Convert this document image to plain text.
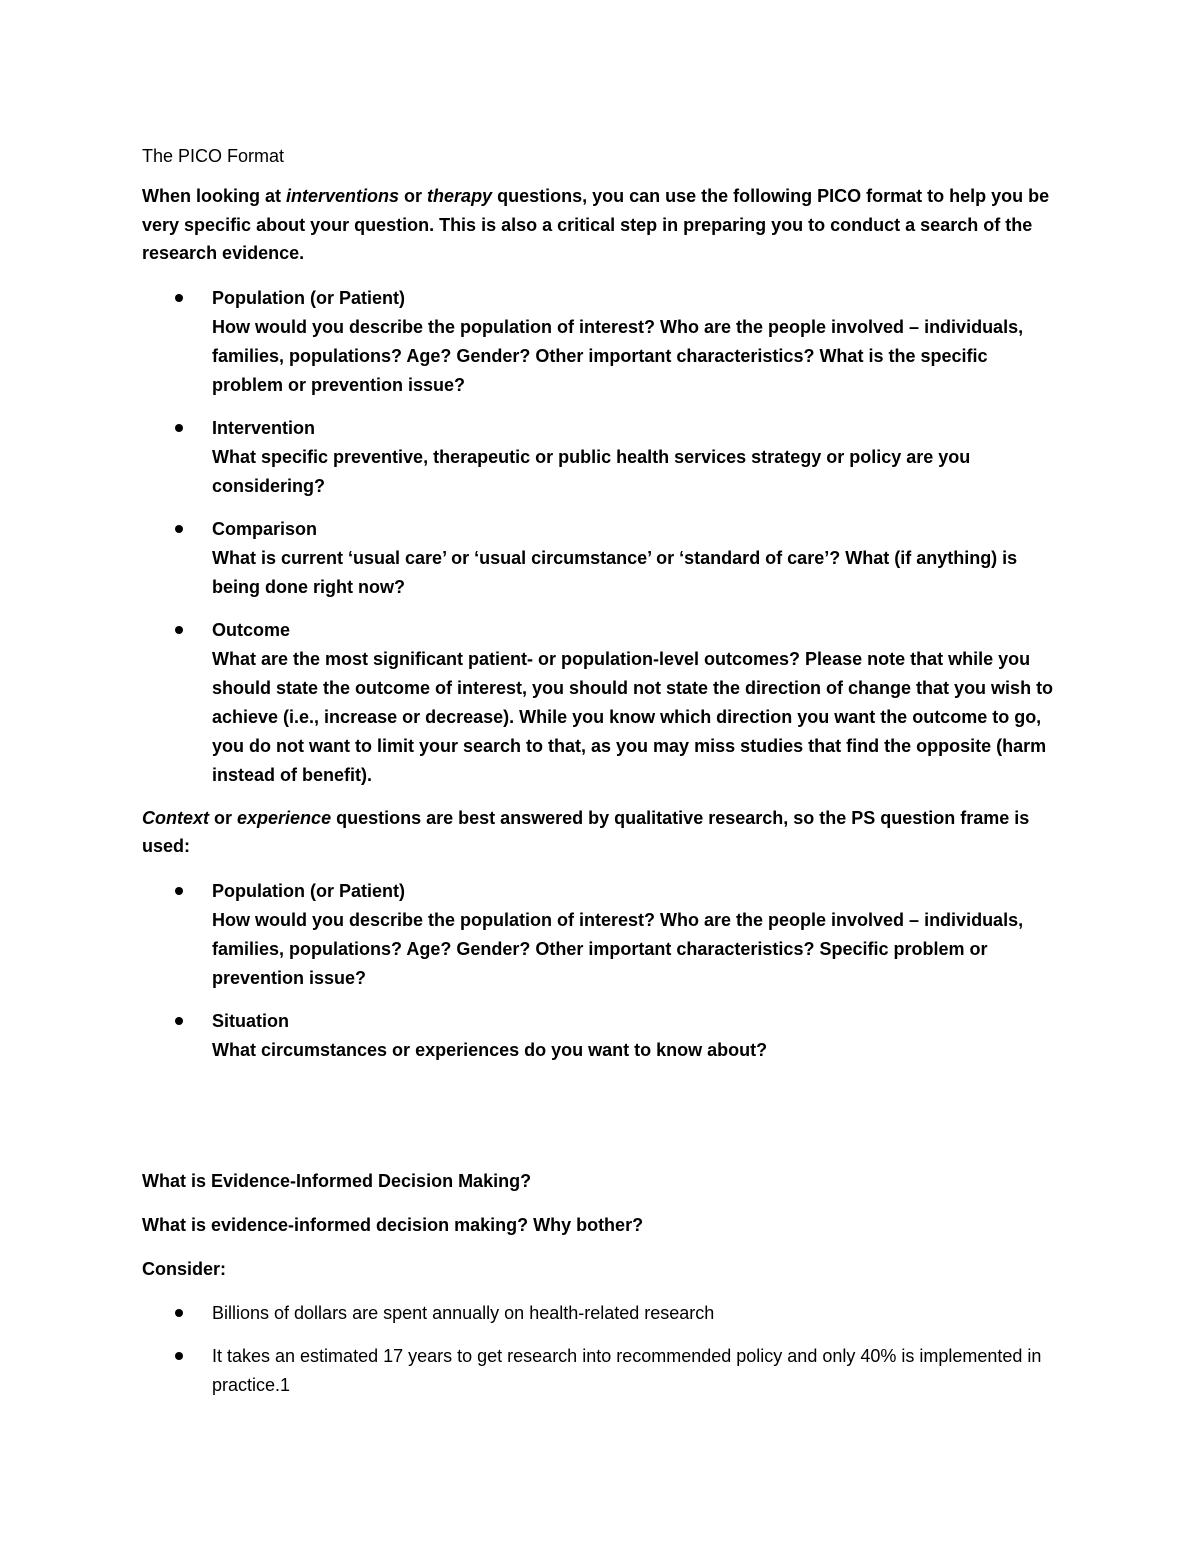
The PICO Format

When looking at interventions or therapy questions, you can use the following PICO format to help you be very specific about your question. This is also a critical step in preparing you to conduct a search of the research evidence.

Population (or Patient)
How would you describe the population of interest? Who are the people involved – individuals, families, populations? Age? Gender? Other important characteristics? What is the specific problem or prevention issue?
Intervention
What specific preventive, therapeutic or public health services strategy or policy are you considering?
Comparison
What is current ‘usual care’ or ‘usual circumstance’ or ‘standard of care’? What (if anything) is being done right now?
Outcome
What are the most significant patient- or population-level outcomes? Please note that while you should state the outcome of interest, you should not state the direction of change that you wish to achieve (i.e., increase or decrease). While you know which direction you want the outcome to go, you do not want to limit your search to that, as you may miss studies that find the opposite (harm instead of benefit).

Context or experience questions are best answered by qualitative research, so the PS question frame is used:

Population (or Patient)
How would you describe the population of interest? Who are the people involved – individuals, families, populations? Age? Gender? Other important characteristics? Specific problem or prevention issue?
Situation
What circumstances or experiences do you want to know about?
What is Evidence-Informed Decision Making?
What is evidence-informed decision making? Why bother?
Consider:
Billions of dollars are spent annually on health-related research
It takes an estimated 17 years to get research into recommended policy and only 40% is implemented in practice.1
